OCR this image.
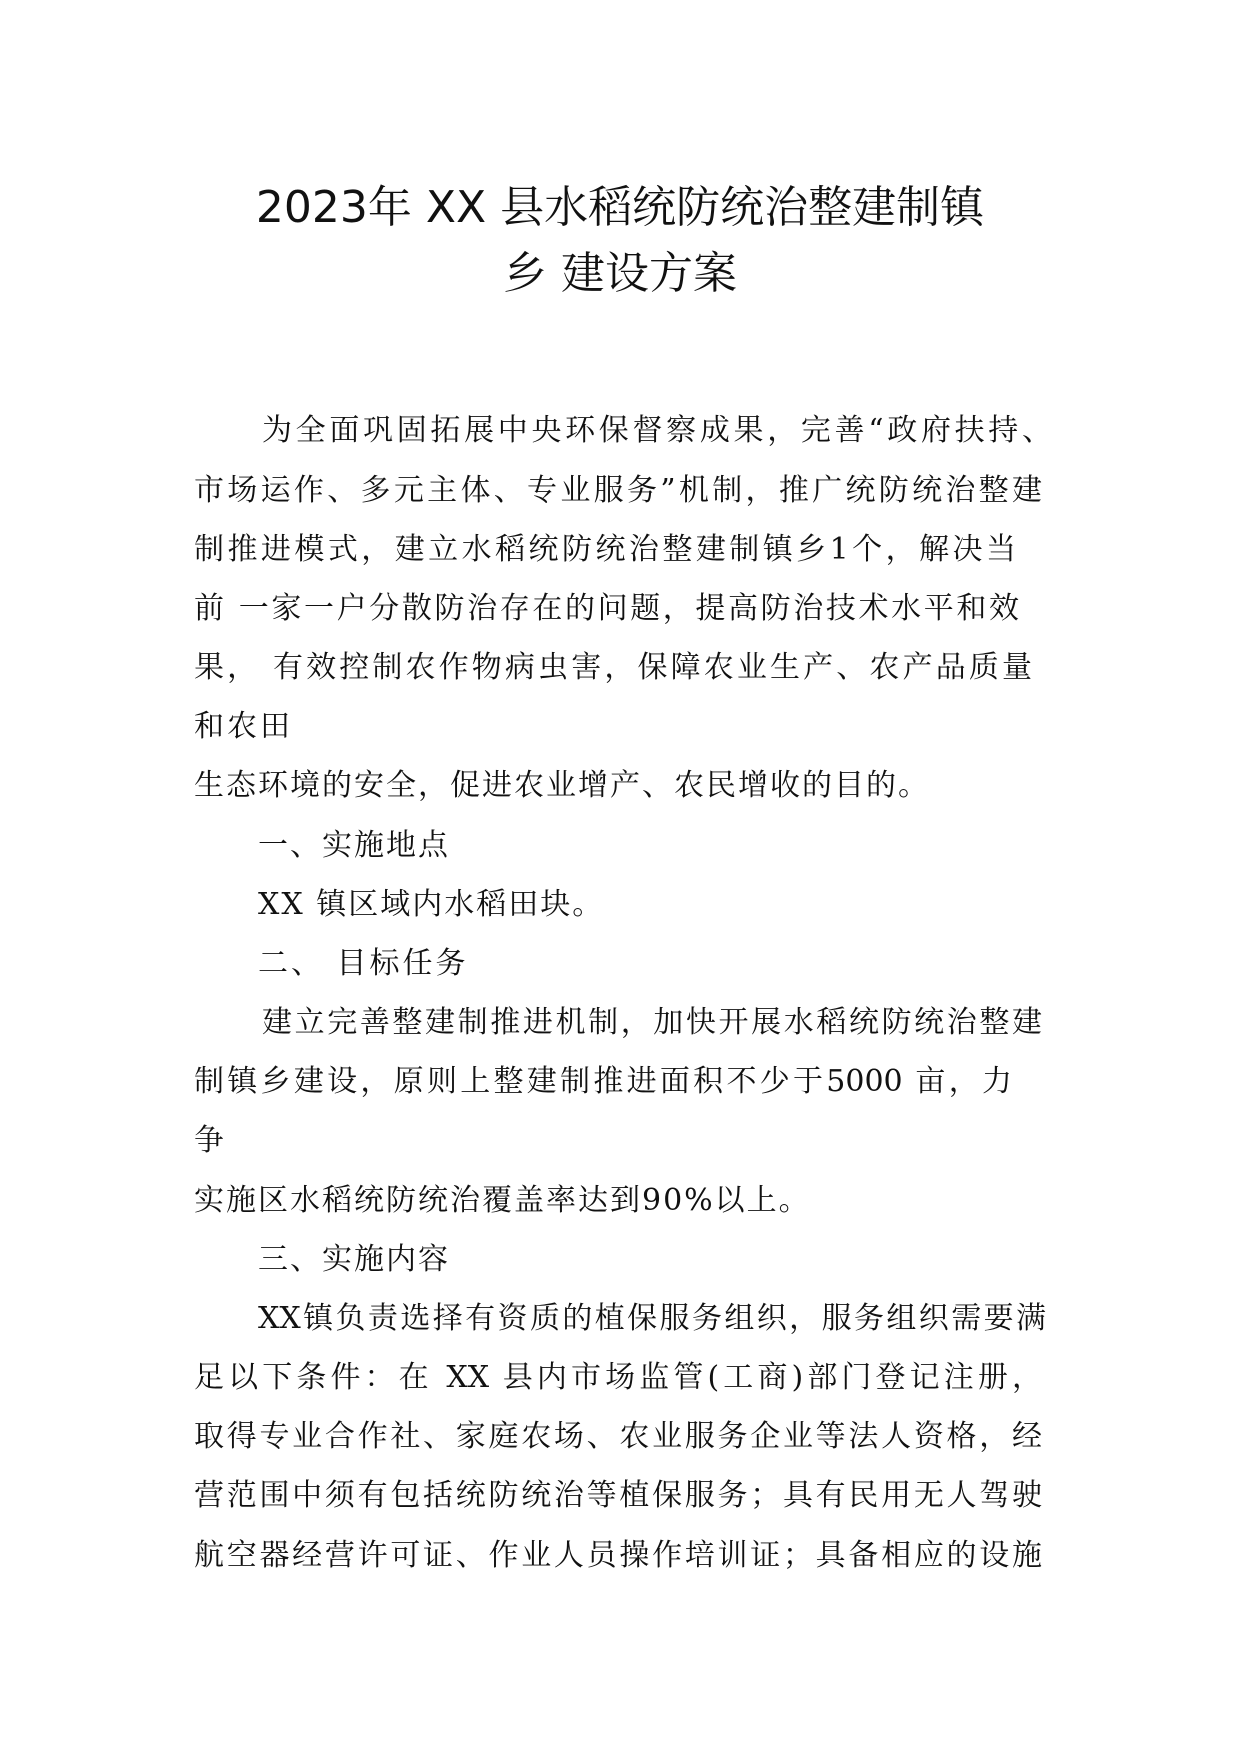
2023年 XX 县水稻统防统治整建制镇
乡 建设方案
为全面巩固拓展中央环保督察成果，完善“政府扶持、
市场运作、多元主体、专业服务”机制，推广统防统治整建
制推进模式，建立水稻统防统治整建制镇乡1个，解决当
前 一家一户分散防治存在的问题，提高防治技术水平和效
果， 有效控制农作物病虫害，保障农业生产、农产品质量
和农田
生态环境的安全，促进农业增产、农民增收的目的。
一、实施地点
XX 镇区域内水稻田块。
二、 目标任务
建立完善整建制推进机制，加快开展水稻统防统治整建
制镇乡建设，原则上整建制推进面积不少于5000 亩，力
争
实施区水稻统防统治覆盖率达到90%以上。
三、实施内容
XX镇负责选择有资质的植保服务组织，服务组织需要满
足以下条件：在 XX 县内市场监管(工商)部门登记注册，
取得专业合作社、家庭农场、农业服务企业等法人资格，经
营范围中须有包括统防统治等植保服务；具有民用无人驾驶
航空器经营许可证、作业人员操作培训证；具备相应的设施
